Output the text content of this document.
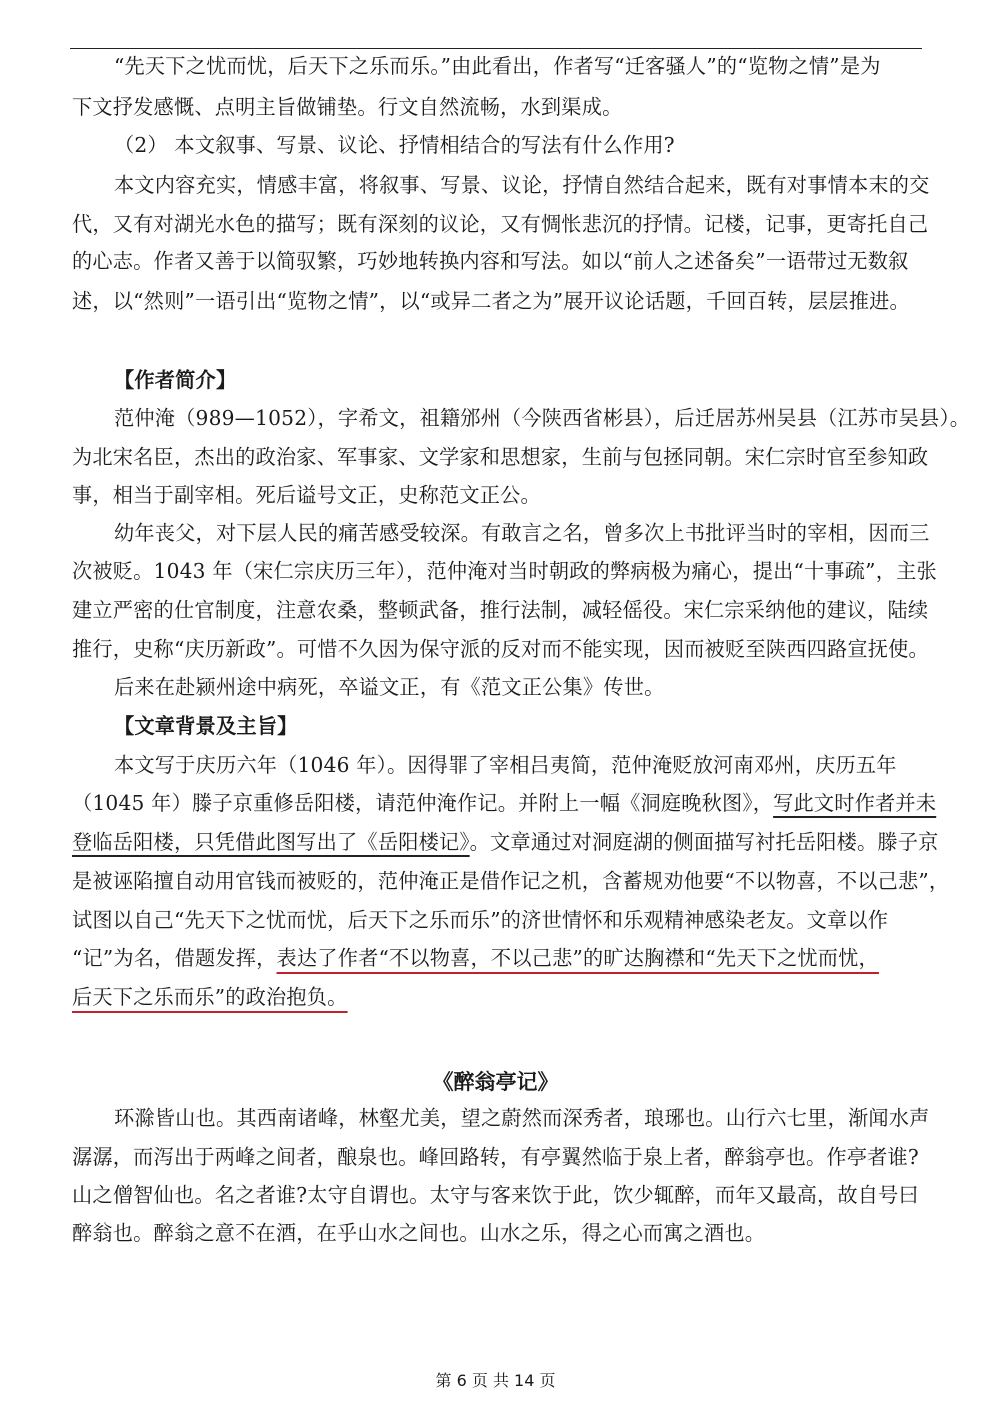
“先天下之忧而忧，后天下之乐而乐。”由此看出，作者写“迁客骚人”的“览物之情”是为
下文抒发感慨、点明主旨做铺垫。行文自然流畅，水到渠成。
（2） 本文叙事、写景、议论、抒情相结合的写法有什么作用?
本文内容充实，情感丰富，将叙事、写景、议论，抒情自然结合起来，既有对事情本末的交
代，又有对湖光水色的描写；既有深刻的议论，又有惆怅悲沉的抒情。记楼，记事，更寄托自己
的心志。作者又善于以简驭繁，巧妙地转换内容和写法。如以“前人之述备矣”一语带过无数叙
述，以“然则”一语引出“览物之情”，以“或异二者之为”展开议论话题，千回百转，层层推进。
【作者简介】
范仲淹（989—1052），字希文，祖籍邠州（今陕西省彬县），后迁居苏州吴县（江苏市吴县）。
为北宋名臣，杰出的政治家、军事家、文学家和思想家，生前与包拯同朝。宋仁宗时官至参知政
事，相当于副宰相。死后谥号文正，史称范文正公。
幼年丧父，对下层人民的痛苦感受较深。有敢言之名，曾多次上书批评当时的宰相，因而三
次被贬。1043 年（宋仁宗庆历三年），范仲淹对当时朝政的弊病极为痛心，提出“十事疏”，主张
建立严密的仕官制度，注意农桑，整顿武备，推行法制，减轻傜役。宋仁宗采纳他的建议，陆续
推行，史称“庆历新政”。可惜不久因为保守派的反对而不能实现，因而被贬至陕西四路宣抚使。
后来在赴颍州途中病死，卒谥文正，有《范文正公集》传世。
【文章背景及主旨】
本文写于庆历六年（1046 年）。因得罪了宰相吕夷简，范仲淹贬放河南邓州，庆历五年
（1045 年）滕子京重修岳阳楼，请范仲淹作记。并附上一幅《洞庭晚秋图》，写此文时作者并未
登临岳阳楼，只凭借此图写出了《岳阳楼记》。文章通过对洞庭湖的侧面描写衬托岳阳楼。滕子京
是被诬陷擅自动用官钱而被贬的，范仲淹正是借作记之机，含蓄规劝他要“不以物喜，不以己悲”，
试图以自己“先天下之忧而忧，后天下之乐而乐”的济世情怀和乐观精神感染老友。文章以作
“记”为名，借题发挥，表达了作者“不以物喜，不以己悲”的旷达胸襟和“先天下之忧而忧，
后天下之乐而乐”的政治抱负。
《醉翁亭记》
环滁皆山也。其西南诸峰，林壑尤美，望之蔚然而深秀者，琅琊也。山行六七里，渐闻水声
潺潺，而泻出于两峰之间者，酿泉也。峰回路转，有亭翼然临于泉上者，醉翁亭也。作亭者谁?
山之僧智仙也。名之者谁?太守自谓也。太守与客来饮于此，饮少辄醉，而年又最高，故自号曰
醉翁也。醉翁之意不在酒，在乎山水之间也。山水之乐，得之心而寓之酒也。
第 6 页 共 14 页
